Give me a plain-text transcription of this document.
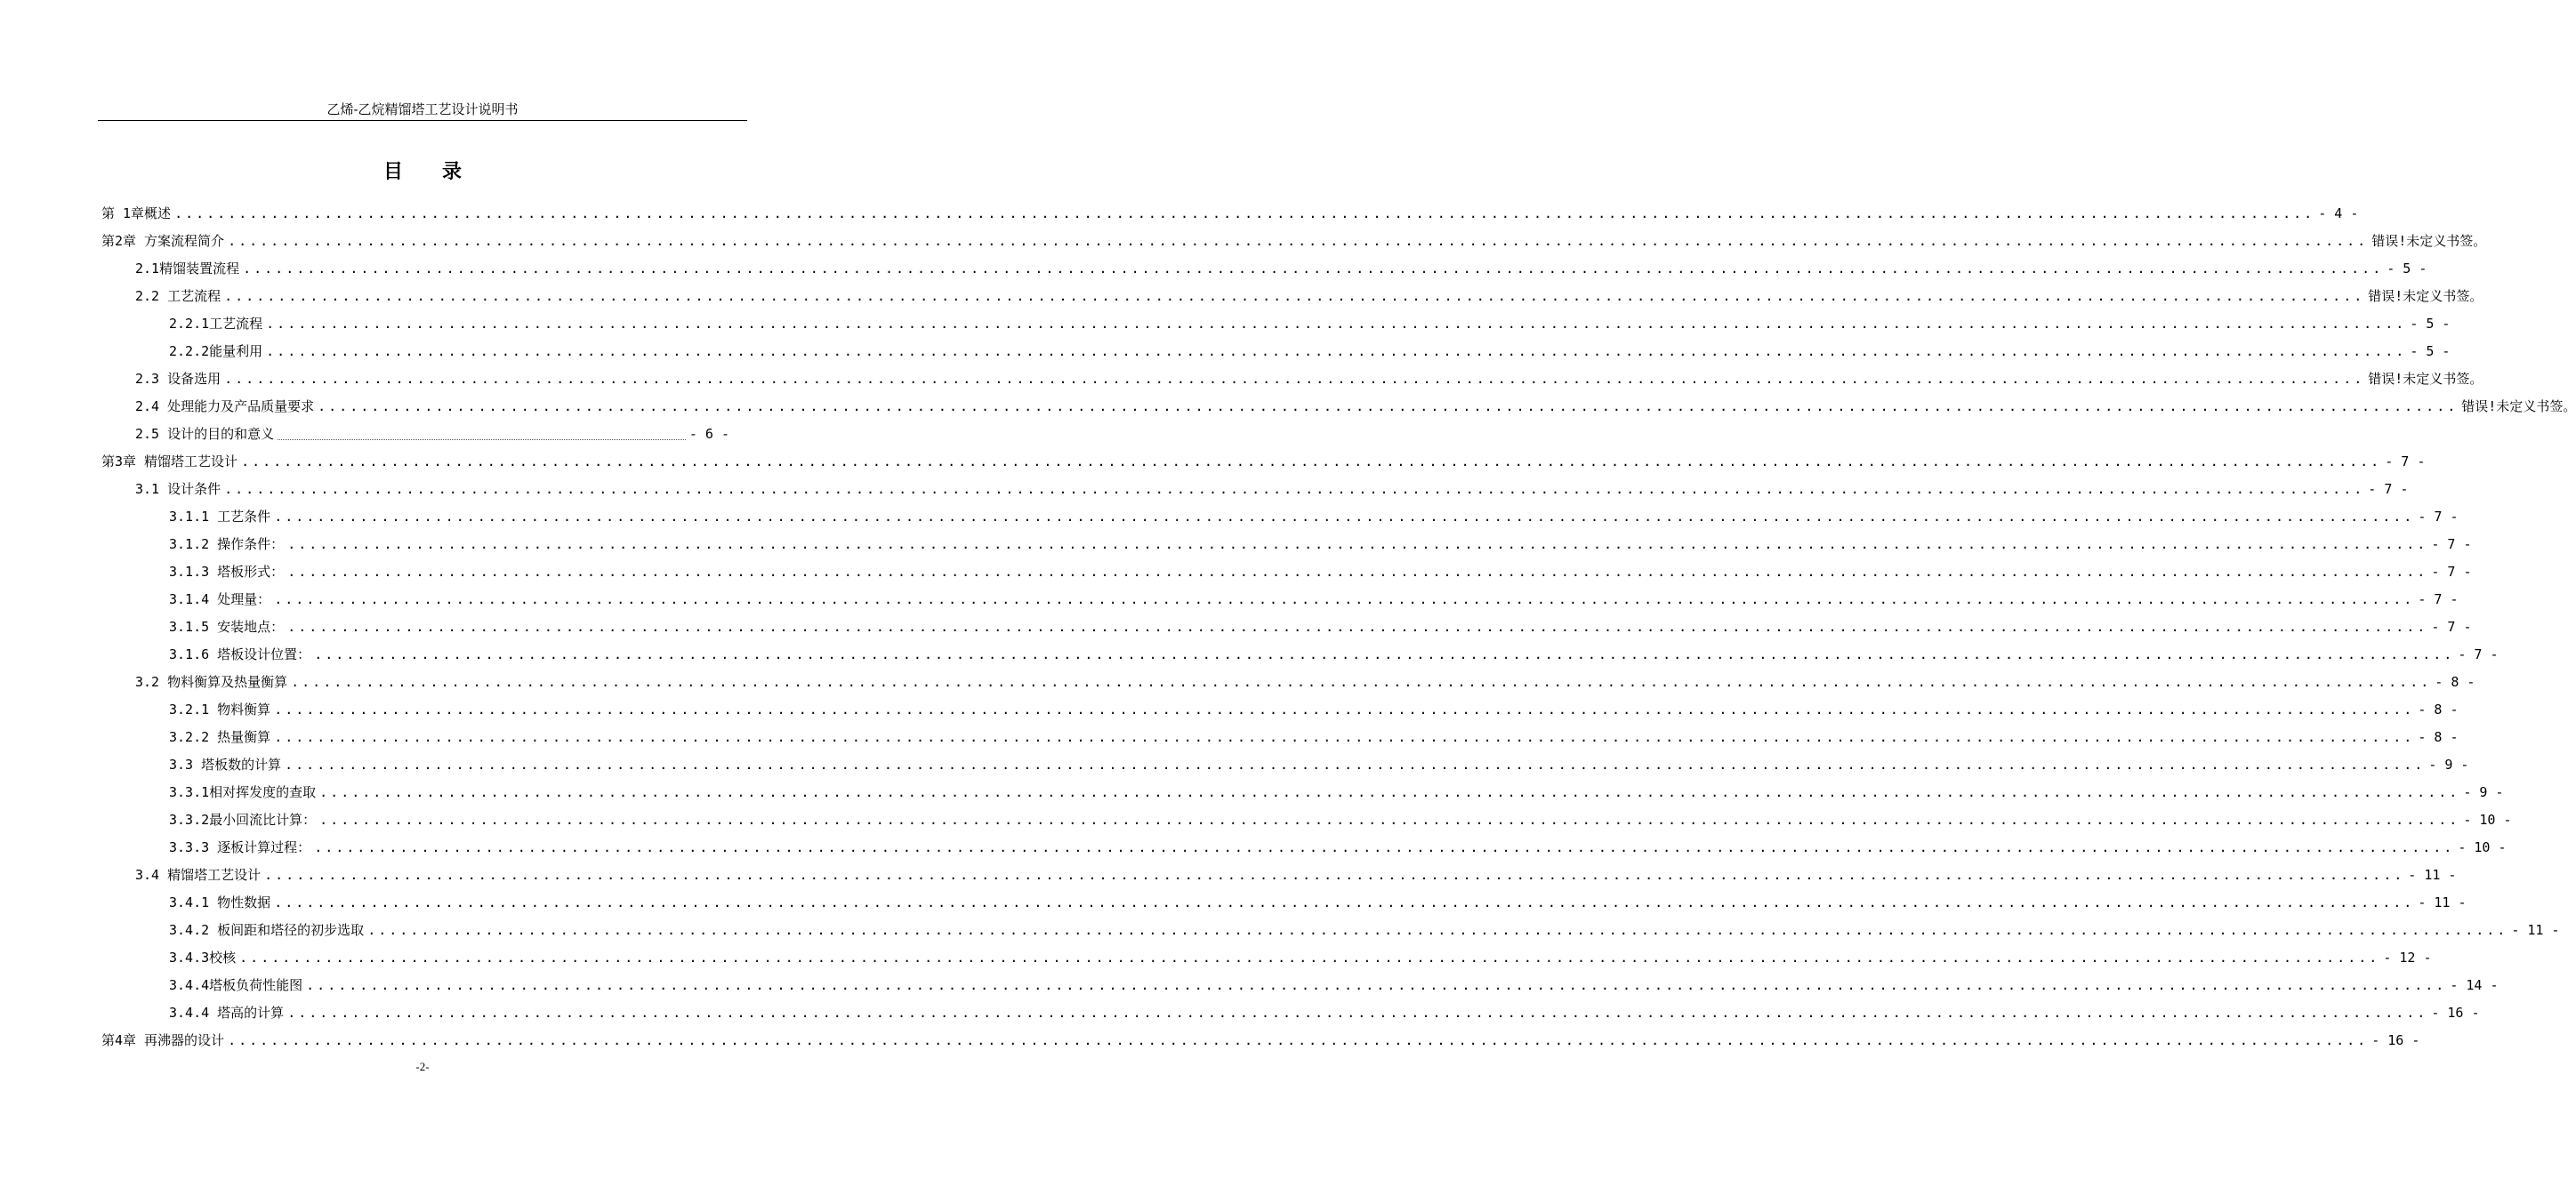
乙烯-乙烷精馏塔工艺设计说明书
目录
第 1章概述 ........................................................................................................................................................................................................ - 4 -
第2章 方案流程简介 ........................................................................................................................................................................................................ 错误!未定义书签。
2.1精馏装置流程 ........................................................................................................................................................................................................ - 5 -
2.2 工艺流程 ........................................................................................................................................................................................................ 错误!未定义书签。
2.2.1工艺流程 ........................................................................................................................................................................................................ - 5 -
2.2.2能量利用 ........................................................................................................................................................................................................ - 5 -
2.3 设备选用 ........................................................................................................................................................................................................ 错误!未定义书签。
2.4 处理能力及产品质量要求 ........................................................................................................................................................................................................ 错误!未定义书签。
2.5 设计的目的和意义	- 6 -
第3章 精馏塔工艺设计 ........................................................................................................................................................................................................ - 7 -
3.1 设计条件 ........................................................................................................................................................................................................ - 7 -
3.1.1 工艺条件 ........................................................................................................................................................................................................ - 7 -
3.1.2 操作条件： ........................................................................................................................................................................................................ - 7 -
3.1.3 塔板形式： ........................................................................................................................................................................................................ - 7 -
3.1.4 处理量： ........................................................................................................................................................................................................ - 7 -
3.1.5 安装地点： ........................................................................................................................................................................................................ - 7 -
3.1.6 塔板设计位置： ........................................................................................................................................................................................................ - 7 -
3.2 物料衡算及热量衡算 ........................................................................................................................................................................................................ - 8 -
3.2.1 物料衡算 ........................................................................................................................................................................................................ - 8 -
3.2.2 热量衡算 ........................................................................................................................................................................................................ - 8 -
3.3 塔板数的计算 ........................................................................................................................................................................................................ - 9 -
3.3.1相对挥发度的查取 ........................................................................................................................................................................................................ - 9 -
3.3.2最小回流比计算： ........................................................................................................................................................................................................ - 10 -
3.3.3 逐板计算过程： ........................................................................................................................................................................................................ - 10 -
3.4 精馏塔工艺设计 ........................................................................................................................................................................................................ - 11 -
3.4.1 物性数据 ........................................................................................................................................................................................................ - 11 -
3.4.2 板间距和塔径的初步选取 ........................................................................................................................................................................................................ - 11 -
3.4.3校核 ........................................................................................................................................................................................................ - 12 -
3.4.4塔板负荷性能图 ........................................................................................................................................................................................................ - 14 -
3.4.4 塔高的计算 ........................................................................................................................................................................................................ - 16 -
第4章 再沸器的设计 ........................................................................................................................................................................................................ - 16 -
-2-
